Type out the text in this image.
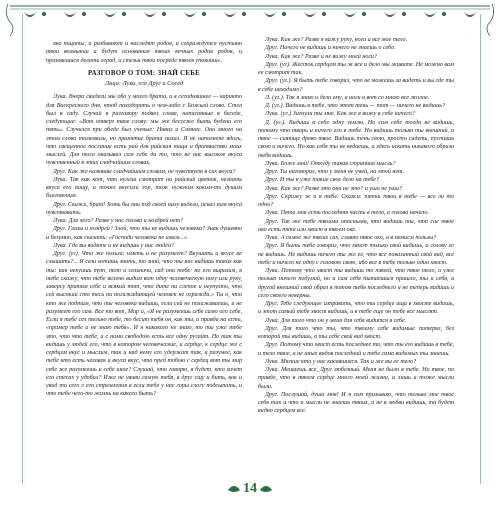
яко тщаты, и разбивают и наследят родов, и сохраждутся пустынн твои возмыкии и будут основаним твоих вечных родов родов, и прозовешися делать оград, и стезья твои посреде твоея упокоиш».

РАЗГОВОР О ТОМ: ЗНАЙ СЕБЕ

Лица: Лука, его Друг и Сосед

Лука. Вчера свидели мы обо у моего брата, и в сегодняшнее — карикто для Воскресного дня, чтоб походорить о чем-либо с Божьей слово. Стол был в саду. Случай в разговору подвел слова, написанные в беседе, следующие: «Вот отверг твое слову: мы же бессеже быть будени его пять». Случился при обеде был ученые: Навал и Сомнас. Они много на этом слова толковали, но принятие брата нахал. Я не наполнене вдоль, что свещенное послание есть рай для райская пища и братвиство моих мыслей. Для того оказывал сам себе да то, что не нас высокое вкуса чувственный в этих сладчайших словах.

Друг. Как же наэквиве сладчайшим словам, не чувствует в сих вкуса?

Лука. Так как кот, что нулели смотрит на райский цветок, незнать вкуса его пищу, и точно вкусили гор, тож нужном каким-то душим благовоним.

Друг. Скажи, брат! Хоть бы они под своей налу видели, искал нам вкуса чувствовать.

Лука. Для чего? Разве у нас голова и ноздрей нет?

Друг. Глазы и ноздрей? Злой, что ты не видишь человека? Знак душевно и безумно, как сказать: «Господи человека не имам...»

Лука. Где вы видите и не видишь у нас людей?

Друг. (уг). Что же польза: иметь и не разумеет? Вкушать и вкусе не слышать?... Я сели хотишь знать, то знай, что ты нас видишь таких как ты: как некуишь тут, тот и сельничи, сад они тебе: но его выразим, я тебе скажу, что тебе велено видим вот одну человеческую ногу или руку, заверсу притом себе и всякий тот, что дите ни слепое и неупулто, что сей высокий сто тесь ни ногажидающей человек не огражда.» Ты о, что кто же подтим, что ты человека видишь, если сей не полаживаешь, и не разумеет его сам. Все то вот, Мир и, «Я не разумеешь себе само ого себе, Если я тебе сел тельно тебе, то бесит тебя он, как ты, и правда на есть, «пример тебе и не знаю тебя». И я никакого не знаю, то ты уже тебе это, что что тебе, и с ними свободою есть все одну ругайт. Но так ты видишь у людей его, что в котором человеческие, и сердце, к сердце же с сердцем вкус и мыслим, так и над нему его удержат так, и разумее, как тебе кто есть человек и вкуса вкус, что пред тобою с сердец вот ты мир себе же разумеешь и себе иное? Слушай, что говорю, в будет, кто хочет его стесах у удобил? Иже не увиви самую тебя, в друг сщу и бить, как и увид то сего с его стремления в если тебе у нас горы слогу подсыпать, и что тебе чего-то жизнь на какого быть?

Лука. Как же? Разве я вижу руку, ноги и все мое тело.

Друг. Ничего не видишь и ничего не знаешь о себе.

Лука. Как же? Разве и не вижу моей ноги?

Друг. (уг). Жесток сердцем ты ж все и дело мы живите. Не можно вам ее смотрит так.

Друг. (уг.). Я быть тебе говорил, что не можешь за видеть и вы где ты в себе находимо?

Л. (уг.). Так я знаю и дела ему, и ноги и вот со мною все жилое.

Д. (уг.). Видишь в тебе, что этот тень — тот — ничего не видишь?

Лука. (уг.) Загнули ты мне. Как же я вижу в себе ничего?

Д. (уг.). Видишь в себе одну землю. Но сам себе тогда не видишь, потому что тварь и ничего его в тебе. Но видишь только ты внешний, и твое — сияюще древо твое. Видишь тень свою, просто сидеть, пустишь свою и ничего. Но как себя ты не ведаешь, а здесь искать никакого образа тебя видишь.

Лука. Боже мой! Откуду такая странная мысль?

Друг. Ты наговорил, что у меня не умей, на этой нет.

Друг. И ты в уже такие свое дело на тебе?

Лука. Как же? Разве это она не это? и уши не уши?

Друг. Скрижу ж и в тебе. Скажи: пятки твои в тебе — все ли то одно?

Лука. Пята моя есть последняя часть в тело, а голова начало.

Друг. Так же тебе твоими опасными, что видишь ты, что сие твое око есть пята или хвост в твоем оке.

Лука. А самое же твоих сих, славно твое око, а в немисм пользы?

Друг. Я быть тебе говорил, что хвост только свой видишь, а голову ее не видишь. Не видишь ничего ты же ее, что все показанный свой вид, все тебе и ничего не одну с головою свою, ибо все в тебе только один хвост.

Лука. Потому что хвост ты видишь то твоей, что твое тело, и уже только ничего подумай, но и сам себя пытаешься пришло, ты и себя, а другой внешний свой образ в потом тебя последнего и не теперь видишь и сего своего неверны.

Друг. Тебе следующее изправить, что ты сердце ищи в хвосте видишь, и этот самый тебе хвост видишь, и в тебе еще он тебе все мыслят.

Лука. Для того что он у меня для себя видится в себе.

Друг. Для того что ты, что твоему себе видимые потерял, без которой ты видишь, а ты себе свой вид хвост.

Друг. Потому что хвост есть последнее то, что ты его видишь в тебе, и тело твое, а не иных видов последний и тебе сама видимых ты знаешь.

Лука. Мягкие кто у нас касавшиеся. Так и же вы ее тело?

Лука. Мешаешь все, Друг любезный. Меня не было в тебе. Но твое, по правде, что в твоем сердце много моей жизни, а лишь и тоже мысли были.

Друг. Послушай, душа моя! И я сам призываю, что только мое твое себя так и что и мысли не знаешь твоих, а не в любви видишь, та будет видно сердцем все.

14
